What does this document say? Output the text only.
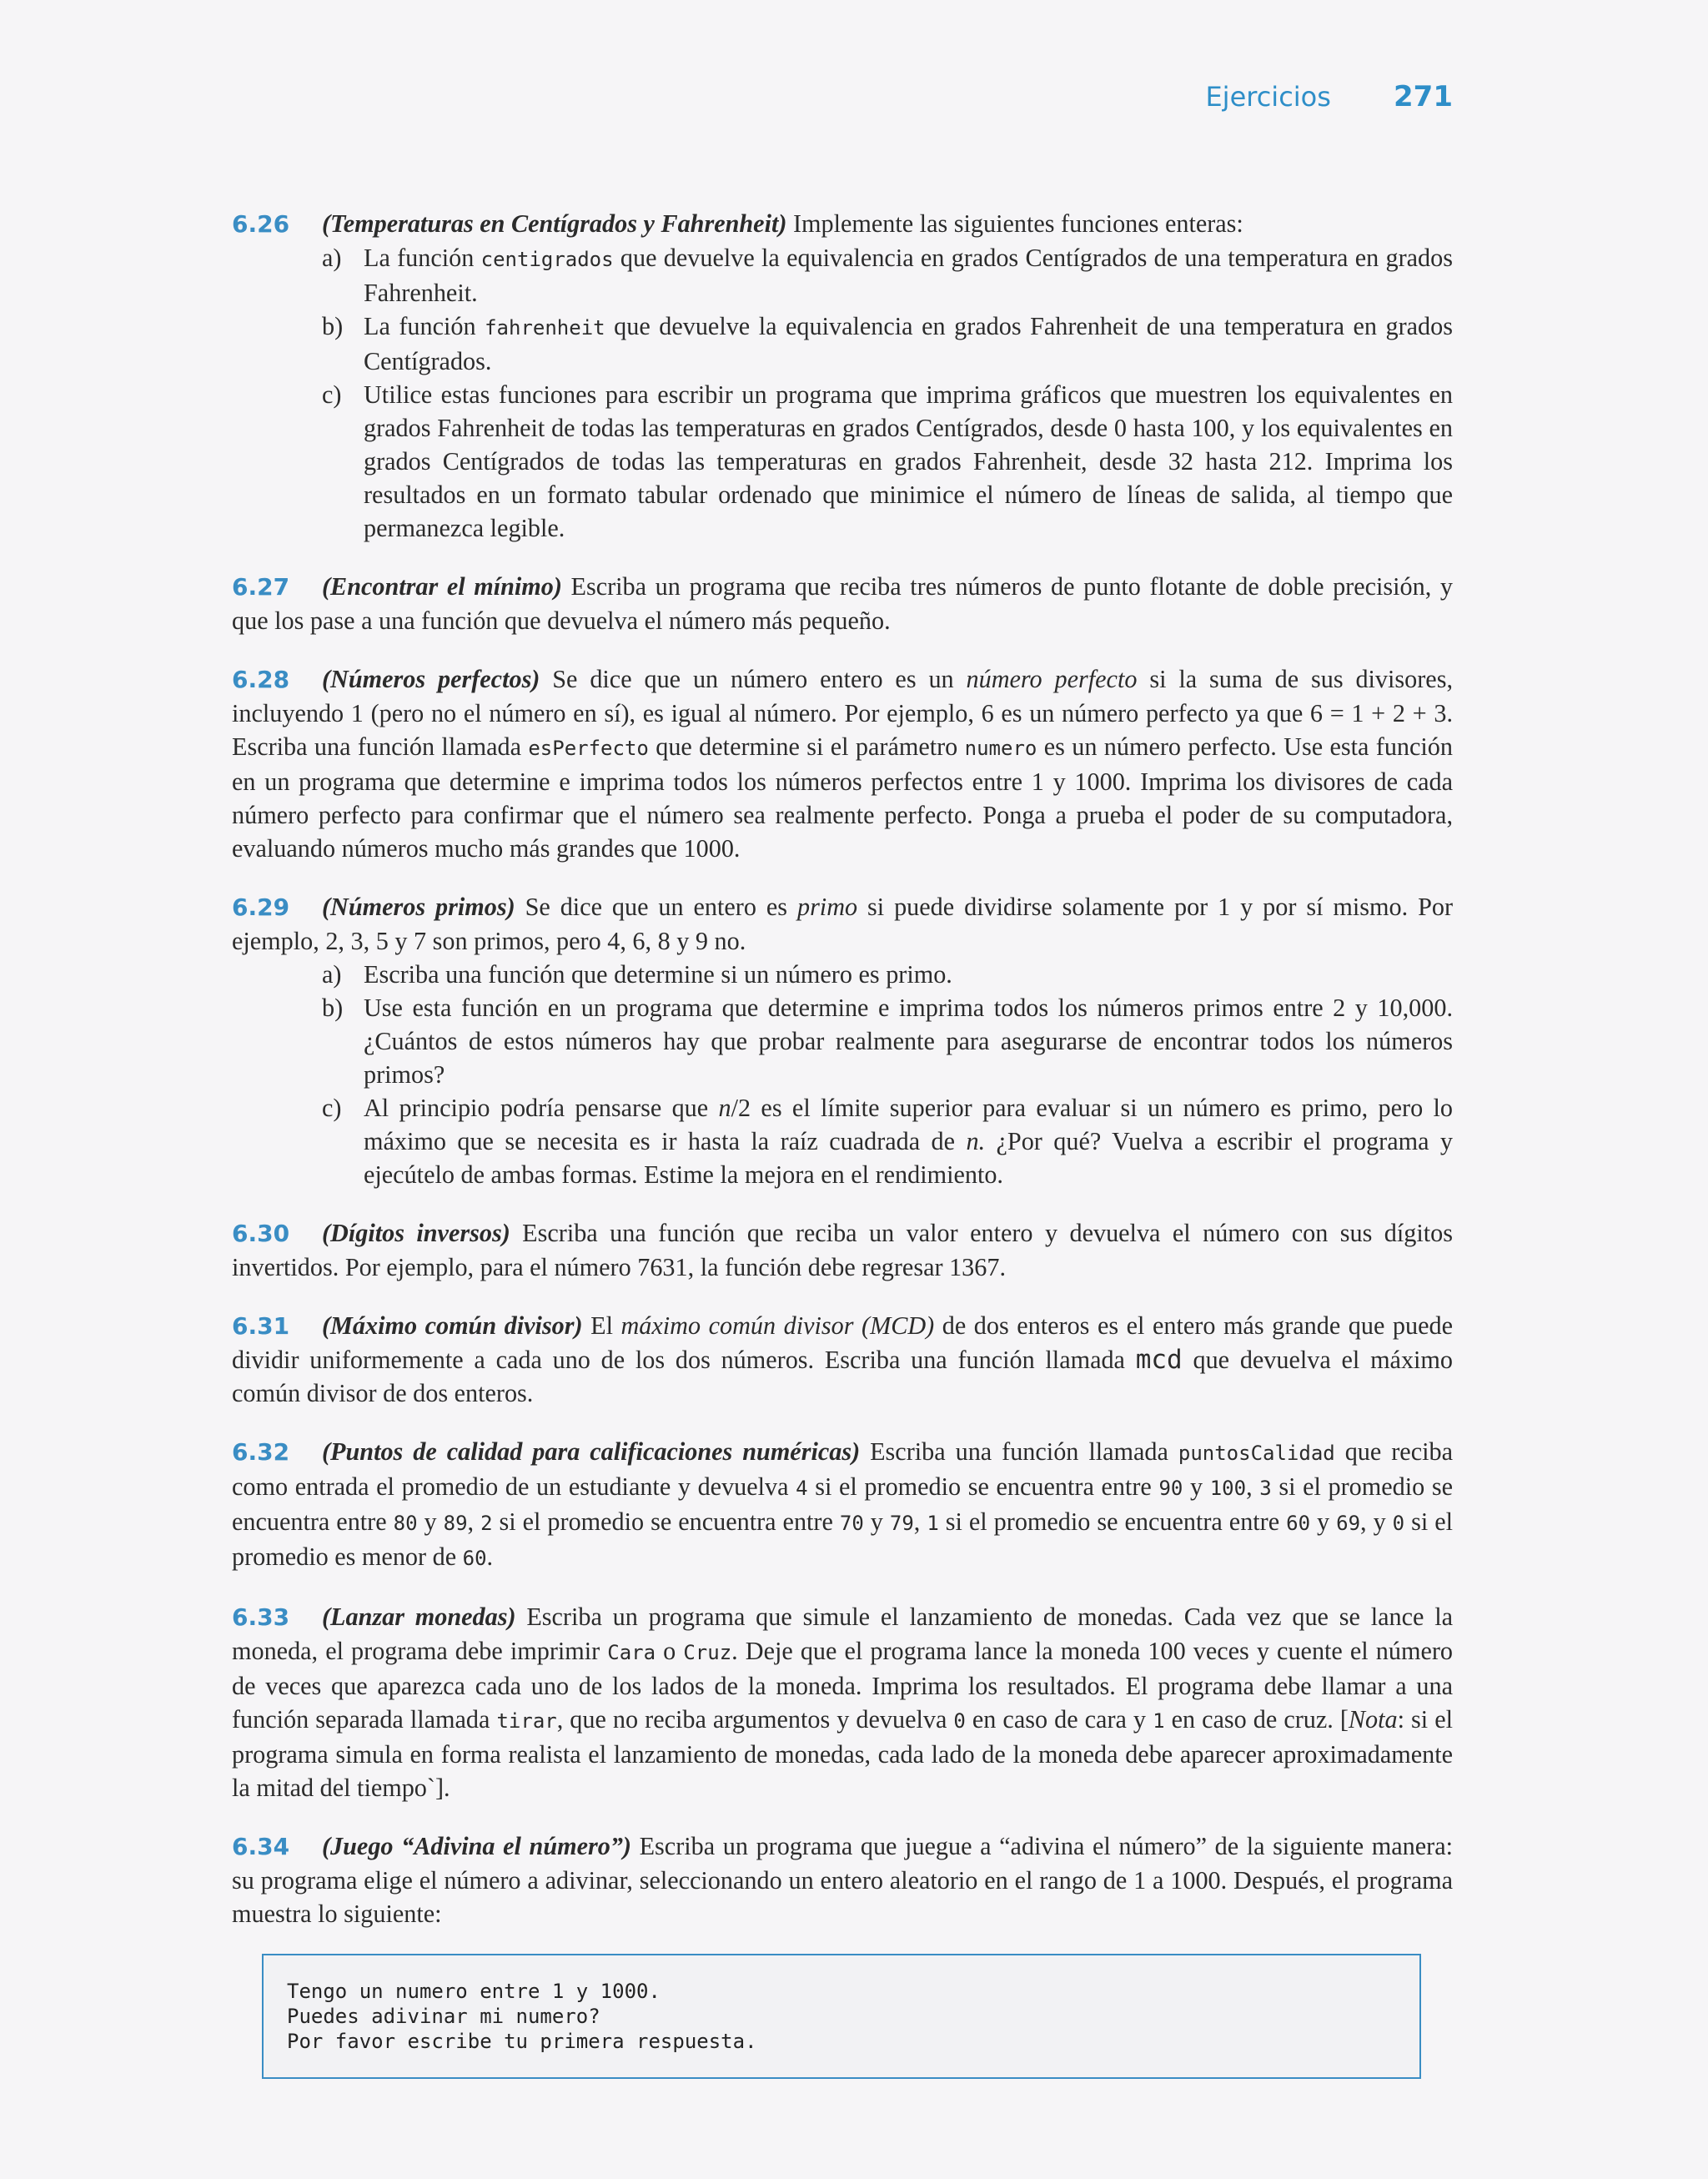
Ejercicios 271
6.26 (Temperaturas en Centígrados y Fahrenheit) Implemente las siguientes funciones enteras:
a) La función centigrados que devuelve la equivalencia en grados Centígrados de una temperatura en grados Fahrenheit.
b) La función fahrenheit que devuelve la equivalencia en grados Fahrenheit de una temperatura en grados Centígrados.
c) Utilice estas funciones para escribir un programa que imprima gráficos que muestren los equivalentes en grados Fahrenheit de todas las temperaturas en grados Centígrados, desde 0 hasta 100, y los equivalentes en grados Centígrados de todas las temperaturas en grados Fahrenheit, desde 32 hasta 212. Imprima los resultados en un formato tabular ordenado que minimice el número de líneas de salida, al tiempo que permanezca legible.
6.27 (Encontrar el mínimo) Escriba un programa que reciba tres números de punto flotante de doble precisión, y que los pase a una función que devuelva el número más pequeño.
6.28 (Números perfectos) Se dice que un número entero es un número perfecto si la suma de sus divisores, incluyendo 1 (pero no el número en sí), es igual al número. Por ejemplo, 6 es un número perfecto ya que 6 = 1 + 2 + 3. Escriba una función llamada esPerfecto que determine si el parámetro numero es un número perfecto. Use esta función en un programa que determine e imprima todos los números perfectos entre 1 y 1000. Imprima los divisores de cada número perfecto para confirmar que el número sea realmente perfecto. Ponga a prueba el poder de su computadora, evaluando números mucho más grandes que 1000.
6.29 (Números primos) Se dice que un entero es primo si puede dividirse solamente por 1 y por sí mismo. Por ejemplo, 2, 3, 5 y 7 son primos, pero 4, 6, 8 y 9 no.
a) Escriba una función que determine si un número es primo.
b) Use esta función en un programa que determine e imprima todos los números primos entre 2 y 10,000. ¿Cuántos de estos números hay que probar realmente para asegurarse de encontrar todos los números primos?
c) Al principio podría pensarse que n/2 es el límite superior para evaluar si un número es primo, pero lo máximo que se necesita es ir hasta la raíz cuadrada de n. ¿Por qué? Vuelva a escribir el programa y ejecútelo de ambas formas. Estime la mejora en el rendimiento.
6.30 (Dígitos inversos) Escriba una función que reciba un valor entero y devuelva el número con sus dígitos invertidos. Por ejemplo, para el número 7631, la función debe regresar 1367.
6.31 (Máximo común divisor) El máximo común divisor (MCD) de dos enteros es el entero más grande que puede dividir uniformemente a cada uno de los dos números. Escriba una función llamada mcd que devuelva el máximo común divisor de dos enteros.
6.32 (Puntos de calidad para calificaciones numéricas) Escriba una función llamada puntosCalidad que reciba como entrada el promedio de un estudiante y devuelva 4 si el promedio se encuentra entre 90 y 100, 3 si el promedio se encuentra entre 80 y 89, 2 si el promedio se encuentra entre 70 y 79, 1 si el promedio se encuentra entre 60 y 69, y 0 si el promedio es menor de 60.
6.33 (Lanzar monedas) Escriba un programa que simule el lanzamiento de monedas. Cada vez que se lance la moneda, el programa debe imprimir Cara o Cruz. Deje que el programa lance la moneda 100 veces y cuente el número de veces que aparezca cada uno de los lados de la moneda. Imprima los resultados. El programa debe llamar a una función separada llamada tirar, que no reciba argumentos y devuelva 0 en caso de cara y 1 en caso de cruz. [Nota: si el programa simula en forma realista el lanzamiento de monedas, cada lado de la moneda debe aparecer aproximadamente la mitad del tiempo`].
6.34 (Juego “Adivina el número”) Escriba un programa que juegue a “adivina el número” de la siguiente manera: su programa elige el número a adivinar, seleccionando un entero aleatorio en el rango de 1 a 1000. Después, el programa muestra lo siguiente:
Tengo un numero entre 1 y 1000.
Puedes adivinar mi numero?
Por favor escribe tu primera respuesta.
